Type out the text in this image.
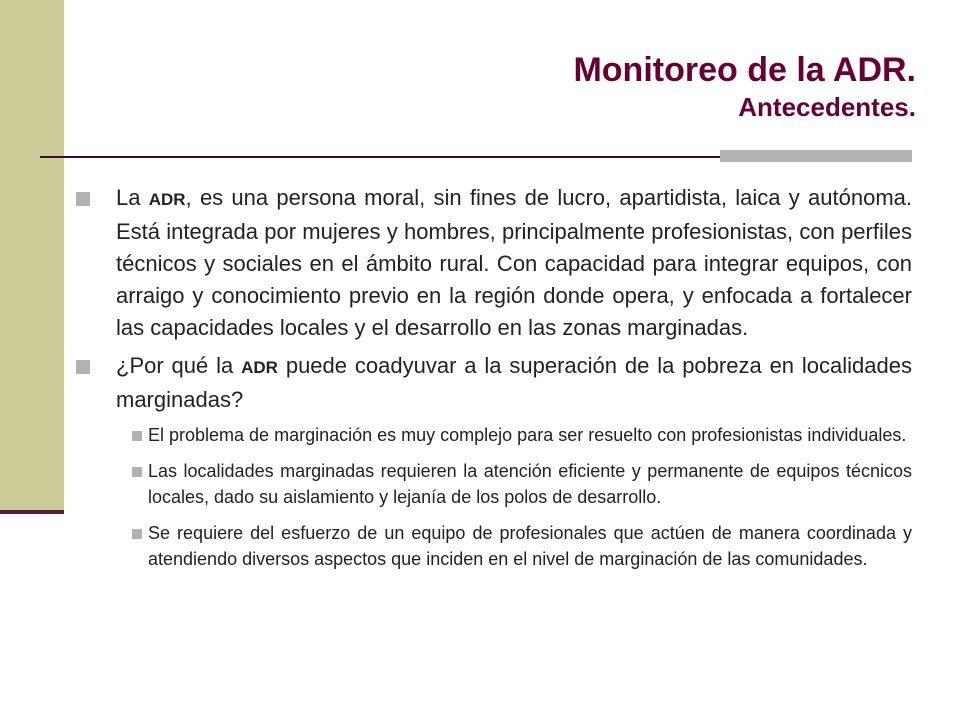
Monitoreo de la ADR.
Antecedentes.
La ADR, es una persona moral, sin fines de lucro, apartidista, laica y autónoma. Está integrada por mujeres y hombres, principalmente profesionistas, con perfiles técnicos y sociales en el ámbito rural. Con capacidad para integrar equipos, con arraigo y conocimiento previo en la región donde opera, y enfocada a fortalecer las capacidades locales y el desarrollo en las zonas marginadas.
¿Por qué la ADR puede coadyuvar a la superación de la pobreza en localidades marginadas?
El problema de marginación es muy complejo para ser resuelto con profesionistas individuales.
Las localidades marginadas requieren la atención eficiente y permanente de equipos técnicos locales, dado su aislamiento y lejanía de los polos de desarrollo.
Se requiere del esfuerzo de un equipo de profesionales que actúen de manera coordinada y atendiendo diversos aspectos que inciden en el nivel de marginación de las comunidades.
